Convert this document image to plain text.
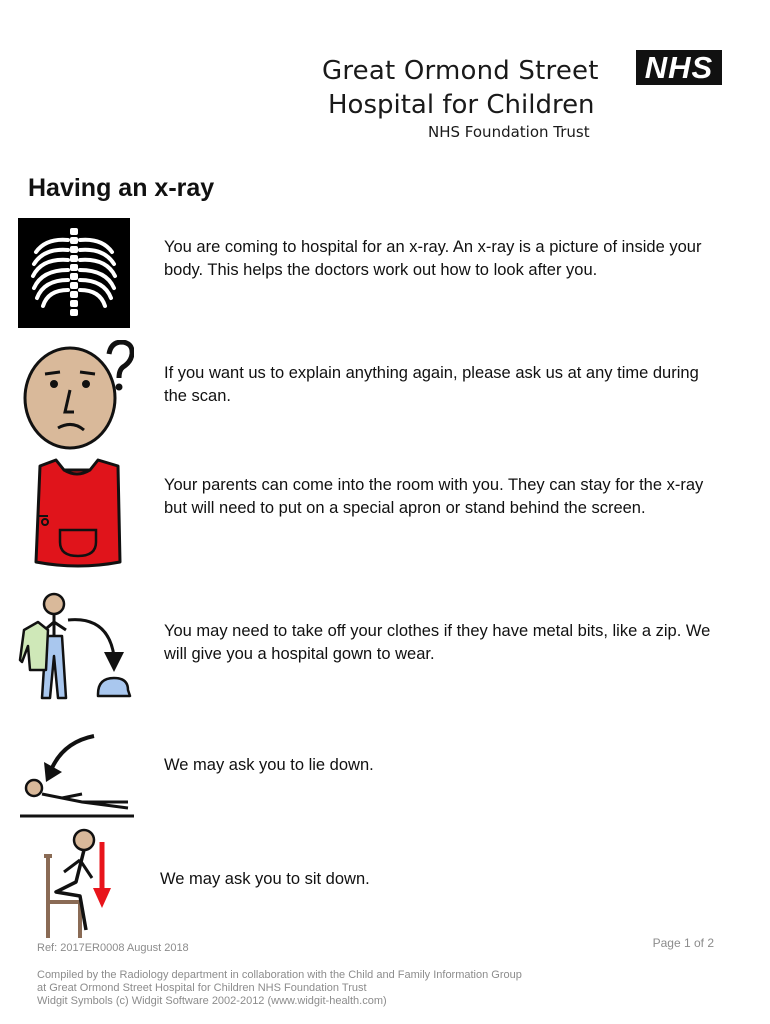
Great Ormond Street
Hospital for Children
NHS Foundation Trust
NHS
Having an x-ray
You are coming to hospital for an x-ray. An x-ray is a picture of inside your body. This helps the doctors work out how to look after you.
If you want us to explain anything again, please ask us at any time during the scan.
Your parents can come into the room with you. They can stay for the x-ray but will need to put on a special apron or stand behind the screen.
You may need to take off your clothes if they have metal bits, like a zip. We will give you a hospital gown to wear.
We may ask you to lie down.
We may ask you to sit down.
Ref: 2017ER0008 August 2018	Page 1 of 2
Compiled by the Radiology department in collaboration with the Child and Family Information Group
at Great Ormond Street Hospital for Children NHS Foundation Trust
Widgit Symbols (c) Widgit Software 2002-2012 (www.widgit-health.com)
